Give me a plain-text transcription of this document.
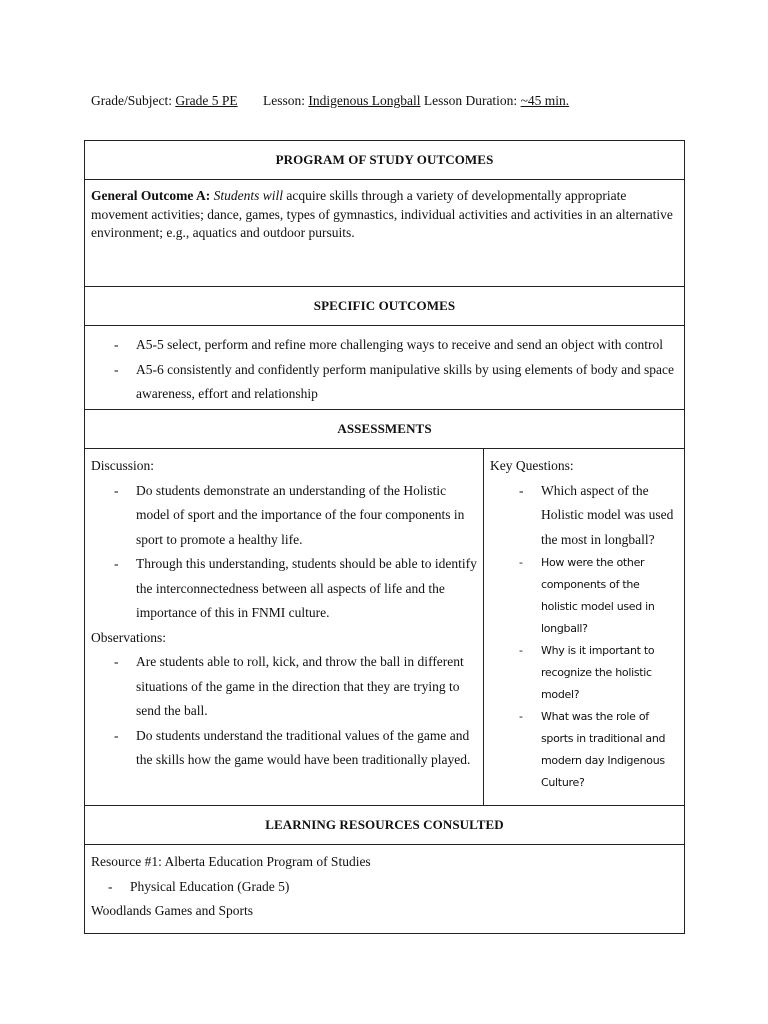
Grade/Subject: Grade 5 PE Lesson: Indigenous Longball Lesson Duration: ~45 min.
PROGRAM OF STUDY OUTCOMES
General Outcome A: Students will acquire skills through a variety of developmentally appropriate movement activities; dance, games, types of gymnastics, individual activities and activities in an alternative environment; e.g., aquatics and outdoor pursuits.
SPECIFIC OUTCOMES
- A5-5 select, perform and refine more challenging ways to receive and send an object with control
- A5-6 consistently and confidently perform manipulative skills by using elements of body and space awareness, effort and relationship
ASSESSMENTS
Discussion:
- Do students demonstrate an understanding of the Holistic model of sport and the importance of the four components in sport to promote a healthy life.
- Through this understanding, students should be able to identify the interconnectedness between all aspects of life and the importance of this in FNMI culture.
Observations:
- Are students able to roll, kick, and throw the ball in different situations of the game in the direction that they are trying to send the ball.
- Do students understand the traditional values of the game and the skills how the game would have been traditionally played.
Key Questions:
- Which aspect of the Holistic model was used the most in longball?
- How were the other components of the holistic model used in longball?
- Why is it important to recognize the holistic model?
- What was the role of sports in traditional and modern day Indigenous Culture?
LEARNING RESOURCES CONSULTED
Resource #1: Alberta Education Program of Studies
- Physical Education (Grade 5)
Woodlands Games and Sports
